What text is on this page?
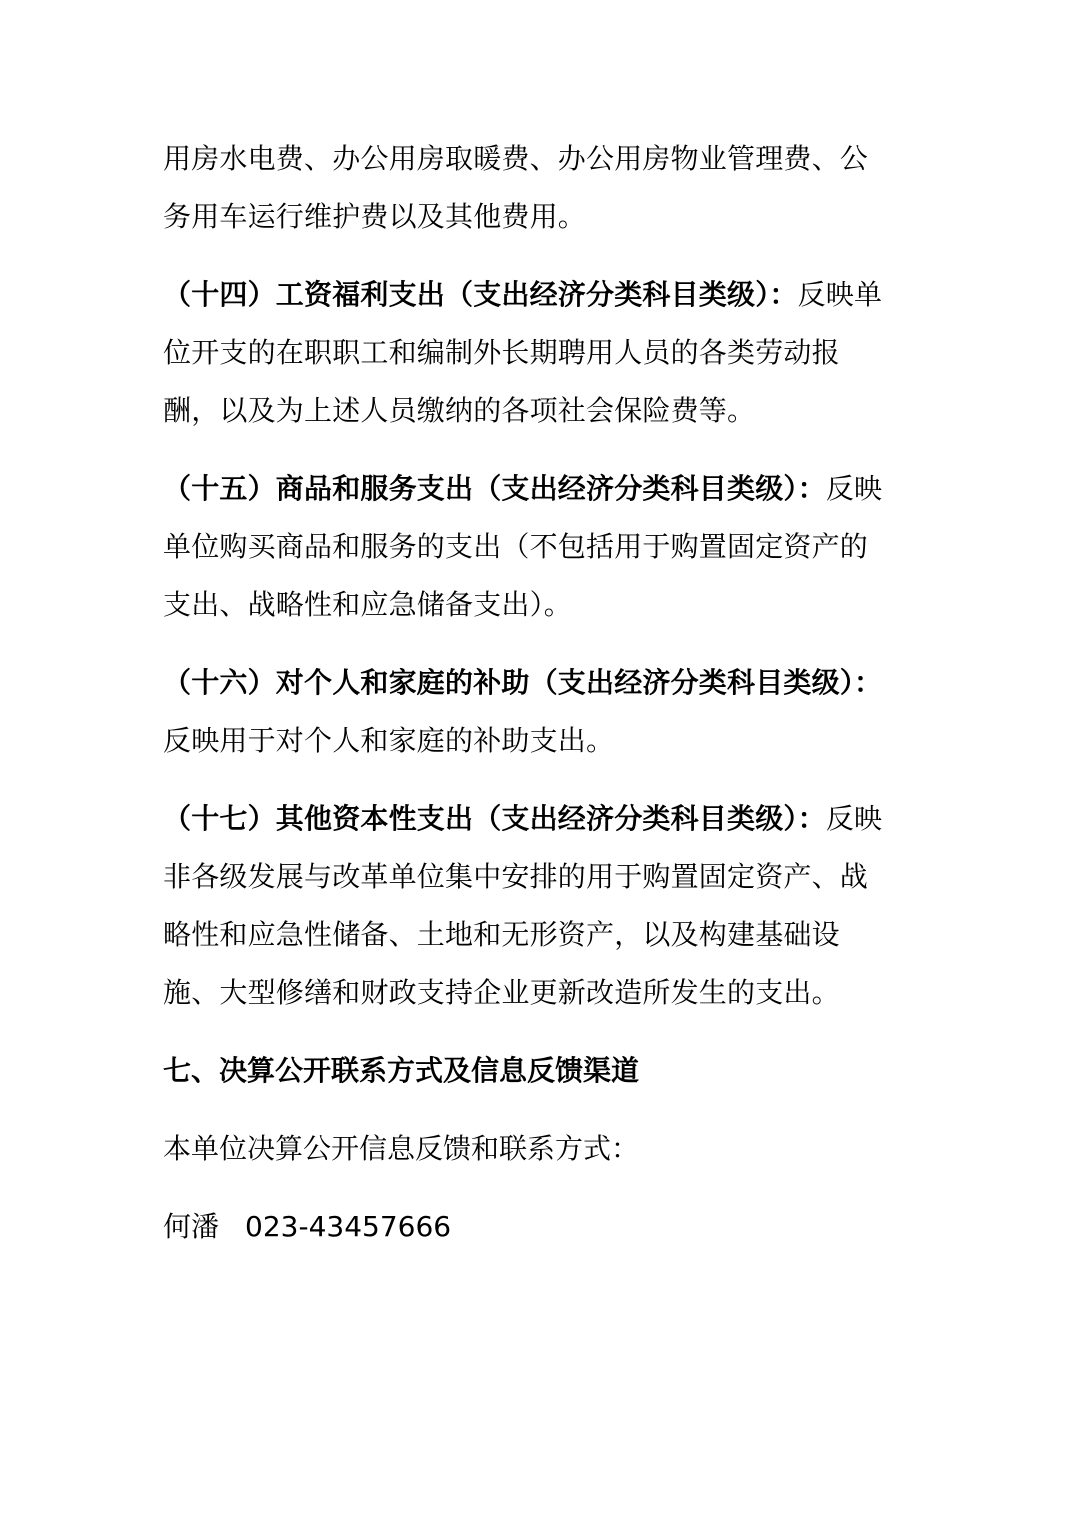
用房水电费、办公用房取暖费、办公用房物业管理费、公务用车运行维护费以及其他费用。

（十四）工资福利支出（支出经济分类科目类级）：反映单位开支的在职职工和编制外长期聘用人员的各类劳动报酬，以及为上述人员缴纳的各项社会保险费等。

（十五）商品和服务支出（支出经济分类科目类级）：反映单位购买商品和服务的支出（不包括用于购置固定资产的支出、战略性和应急储备支出）。

（十六）对个人和家庭的补助（支出经济分类科目类级）：反映用于对个人和家庭的补助支出。

（十七）其他资本性支出（支出经济分类科目类级）：反映非各级发展与改革单位集中安排的用于购置固定资产、战略性和应急性储备、土地和无形资产，以及构建基础设施、大型修缮和财政支持企业更新改造所发生的支出。

七、决算公开联系方式及信息反馈渠道

本单位决算公开信息反馈和联系方式：

何潘 023-43457666
